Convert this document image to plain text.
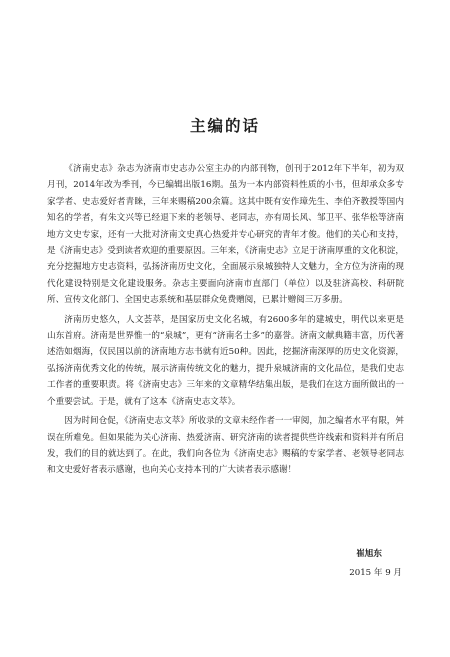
主编的话

《济南史志》杂志为济南市史志办公室主办的内部刊物，创刊于2012年下半年，初为双月刊，2014年改为季刊，今已编辑出版16期。虽为一本内部资料性质的小书，但却承众多专家学者、史志爱好者青睐，三年来赐稿200余篇。这其中既有安作璋先生、李伯齐教授等国内知名的学者，有朱文兴等已经退下来的老领导、老同志，亦有周长风、邹卫平、张华松等济南地方文史专家，还有一大批对济南文史真心热爱并专心研究的青年才俊。他们的关心和支持，是《济南史志》受到读者欢迎的重要原因。三年来，《济南史志》立足于济南厚重的文化积淀，充分挖掘地方史志资料，弘扬济南历史文化，全面展示泉城独特人文魅力，全方位为济南的现代化建设特别是文化建设服务。杂志主要面向济南市直部门（单位）以及驻济高校、科研院所、宣传文化部门、全国史志系统和基层群众免费赠阅，已累计赠阅三万多册。

济南历史悠久，人文荟萃，是国家历史文化名城，有2600多年的建城史，明代以来更是山东首府。济南是世界惟一的“泉城”，更有“济南名士多”的嘉誉。济南文献典籍丰富，历代著述浩如烟海，仅民国以前的济南地方志书就有近50种。因此，挖掘济南深厚的历史文化资源，弘扬济南优秀文化的传统，展示济南传统文化的魅力，提升泉城济南的文化品位，是我们史志工作者的重要职责。将《济南史志》三年来的文章精华结集出版，是我们在这方面所做出的一个重要尝试。于是，就有了这本《济南史志文萃》。

因为时间仓促，《济南史志文萃》所收录的文章未经作者一一审阅，加之编者水平有限，舛误在所难免。但如果能为关心济南、热爱济南、研究济南的读者提供些许线索和资料并有所启发，我们的目的就达到了。在此，我们向各位为《济南史志》赐稿的专家学者、老领导老同志和文史爱好者表示感谢，也向关心支持本刊的广大读者表示感谢！

崔旭东
2015 年 9 月
